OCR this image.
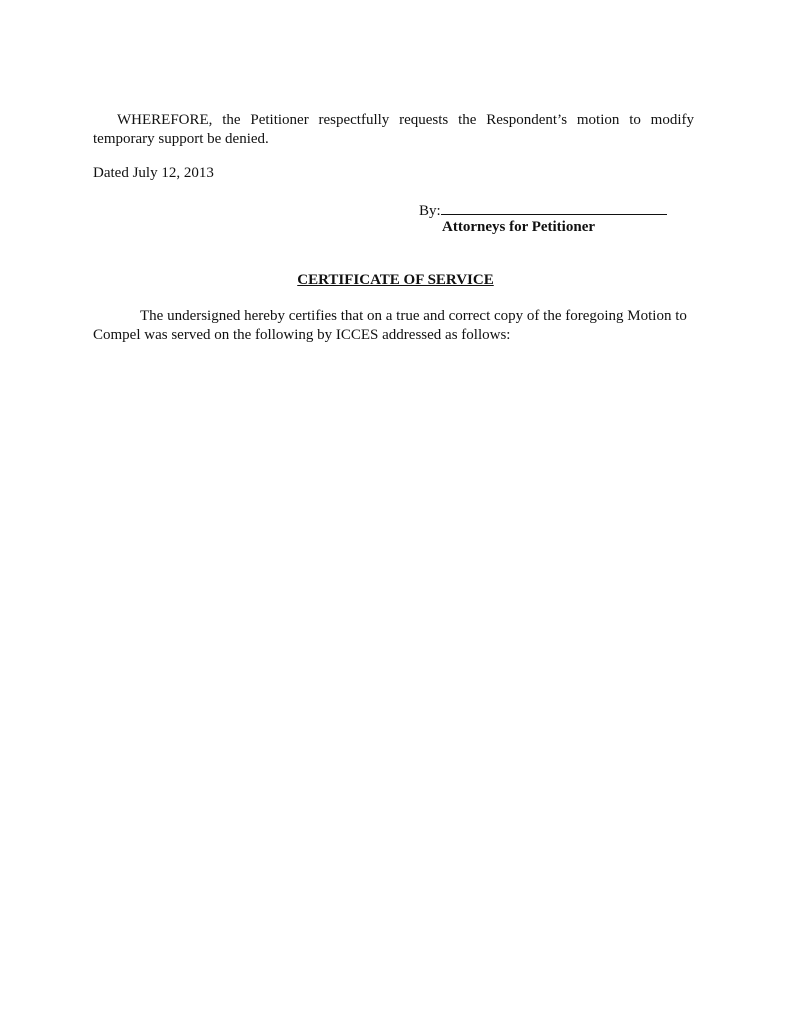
WHEREFORE, the Petitioner respectfully requests the Respondent’s motion to modify temporary support be denied.

Dated July 12, 2013

By:

Attorneys for Petitioner

CERTIFICATE OF SERVICE

The undersigned hereby certifies that on a true and correct copy of the foregoing Motion to Compel was served on the following by ICCES addressed as follows:
